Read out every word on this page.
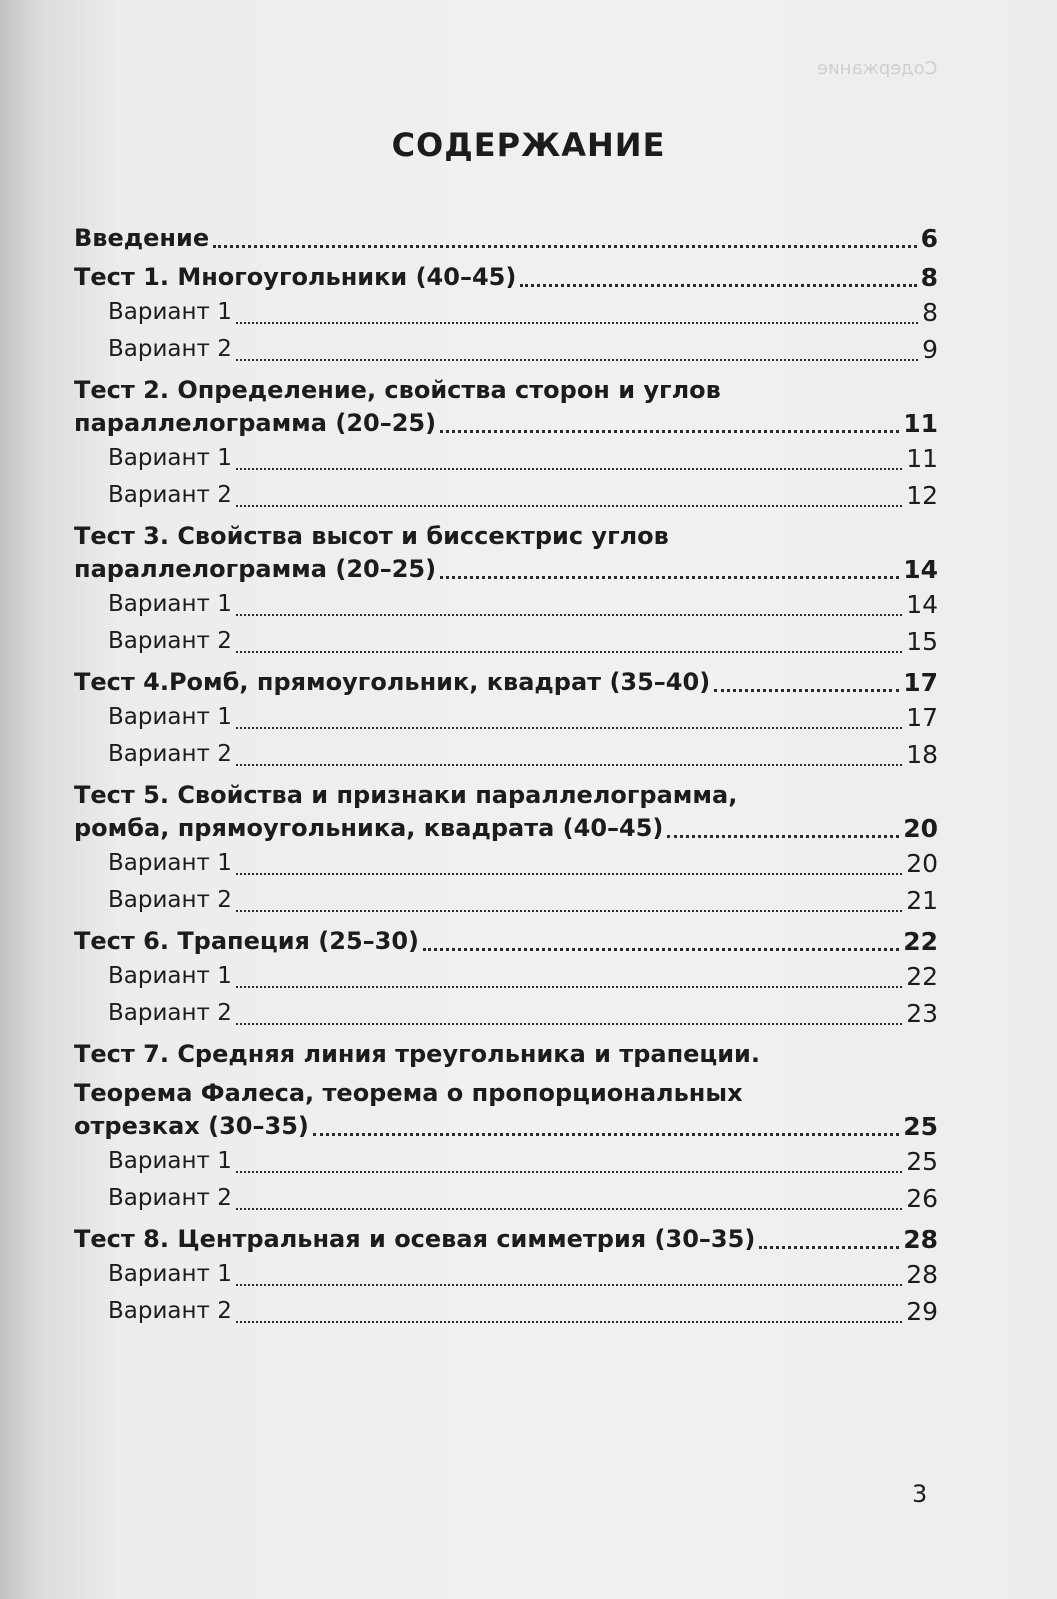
Содержание
СОДЕРЖАНИЕ
Введение	6
Тест 1. Многоугольники (40–45)	8
Вариант 1	8
Вариант 2	9
Тест 2. Определение, свойства сторон и углов
параллелограмма (20–25)	11
Вариант 1	11
Вариант 2	12
Тест 3. Свойства высот и биссектрис углов
параллелограмма (20–25)	14
Вариант 1	14
Вариант 2	15
Тест 4.Ромб, прямоугольник, квадрат (35–40)	17
Вариант 1	17
Вариант 2	18
Тест 5. Свойства и признаки параллелограмма,
ромба, прямоугольника, квадрата (40–45)	20
Вариант 1	20
Вариант 2	21
Тест 6. Трапеция (25–30)	22
Вариант 1	22
Вариант 2	23
Тест 7. Средняя линия треугольника и трапеции.
Теорема Фалеса, теорема о пропорциональных
отрезках (30–35)	25
Вариант 1	25
Вариант 2	26
Тест 8. Центральная и осевая симметрия (30–35)	28
Вариант 1	28
Вариант 2	29
3
